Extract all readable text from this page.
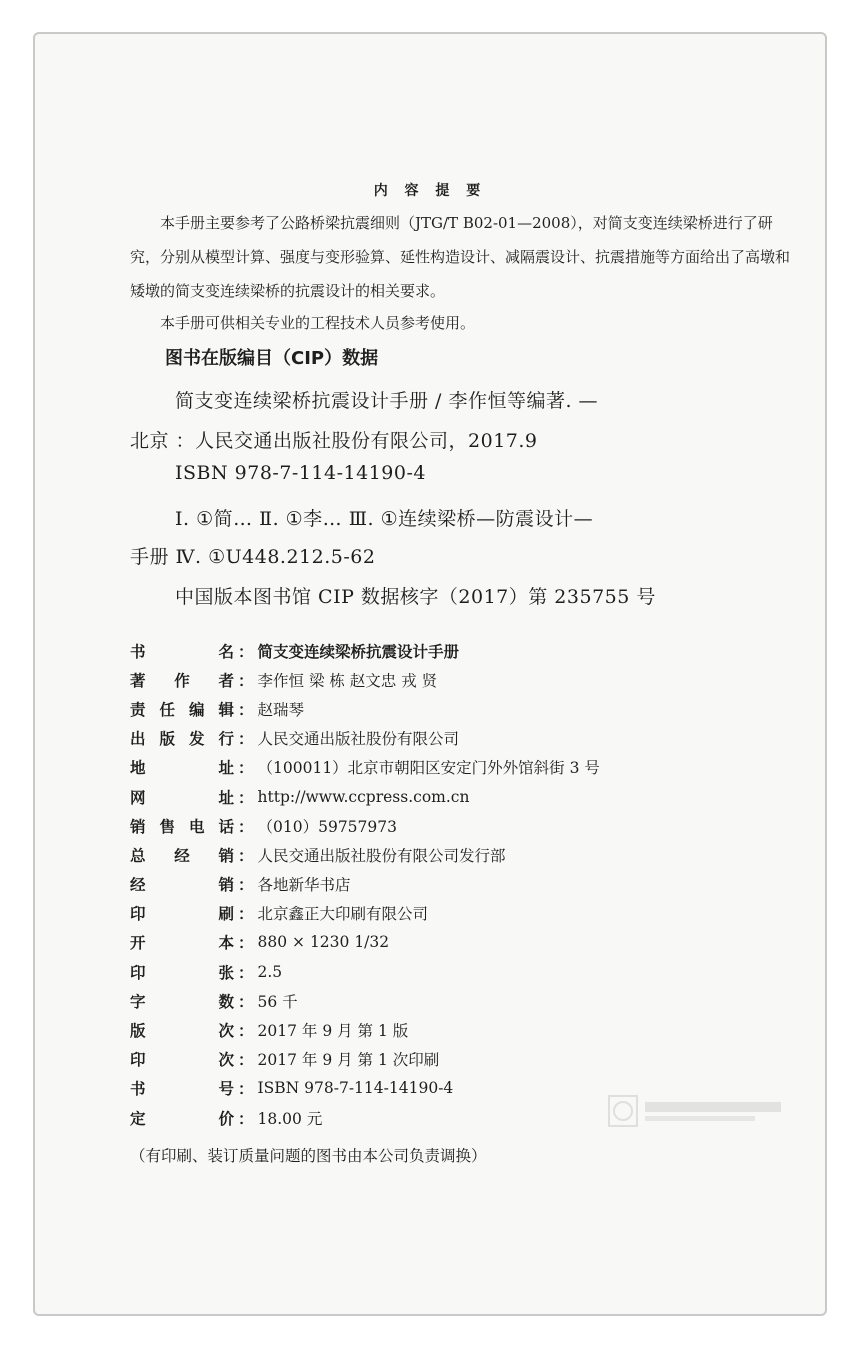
内 容 提 要
本手册主要参考了公路桥梁抗震细则（JTG/T B02-01—2008），对简支变连续梁桥进行了研究，分别从模型计算、强度与变形验算、延性构造设计、减隔震设计、抗震措施等方面给出了高墩和矮墩的简支变连续梁桥的抗震设计的相关要求。
本手册可供相关专业的工程技术人员参考使用。
图书在版编目（CIP）数据
简支变连续梁桥抗震设计手册 / 李作恒等编著. —
北京 ：人民交通出版社股份有限公司，2017.9
ISBN 978-7-114-14190-4
Ⅰ. ①简… Ⅱ. ①李… Ⅲ. ①连续梁桥—防震设计—
手册 Ⅳ. ①U448.212.5-62
中国版本图书馆 CIP 数据核字（2017）第 235755 号
书	名 ： 简支变连续梁桥抗震设计手册
著 作 者 ： 李作恒 梁 栋 赵文忠 戎 贤
责 任 编 辑 ： 赵瑞琴
出 版 发 行 ： 人民交通出版社股份有限公司
地	址 ： （100011）北京市朝阳区安定门外外馆斜街 3 号
网	址 ： http://www.ccpress.com.cn
销 售 电 话 ： （010）59757973
总 经 销 ： 人民交通出版社股份有限公司发行部
经	销 ： 各地新华书店
印	刷 ： 北京鑫正大印刷有限公司
开	本 ： 880 × 1230 1/32
印	张 ： 2.5
字	数 ： 56 千
版	次 ： 2017 年 9 月 第 1 版
印	次 ： 2017 年 9 月 第 1 次印刷
书	号 ： ISBN 978-7-114-14190-4
定	价 ： 18.00 元
（有印刷、装订质量问题的图书由本公司负责调换）
